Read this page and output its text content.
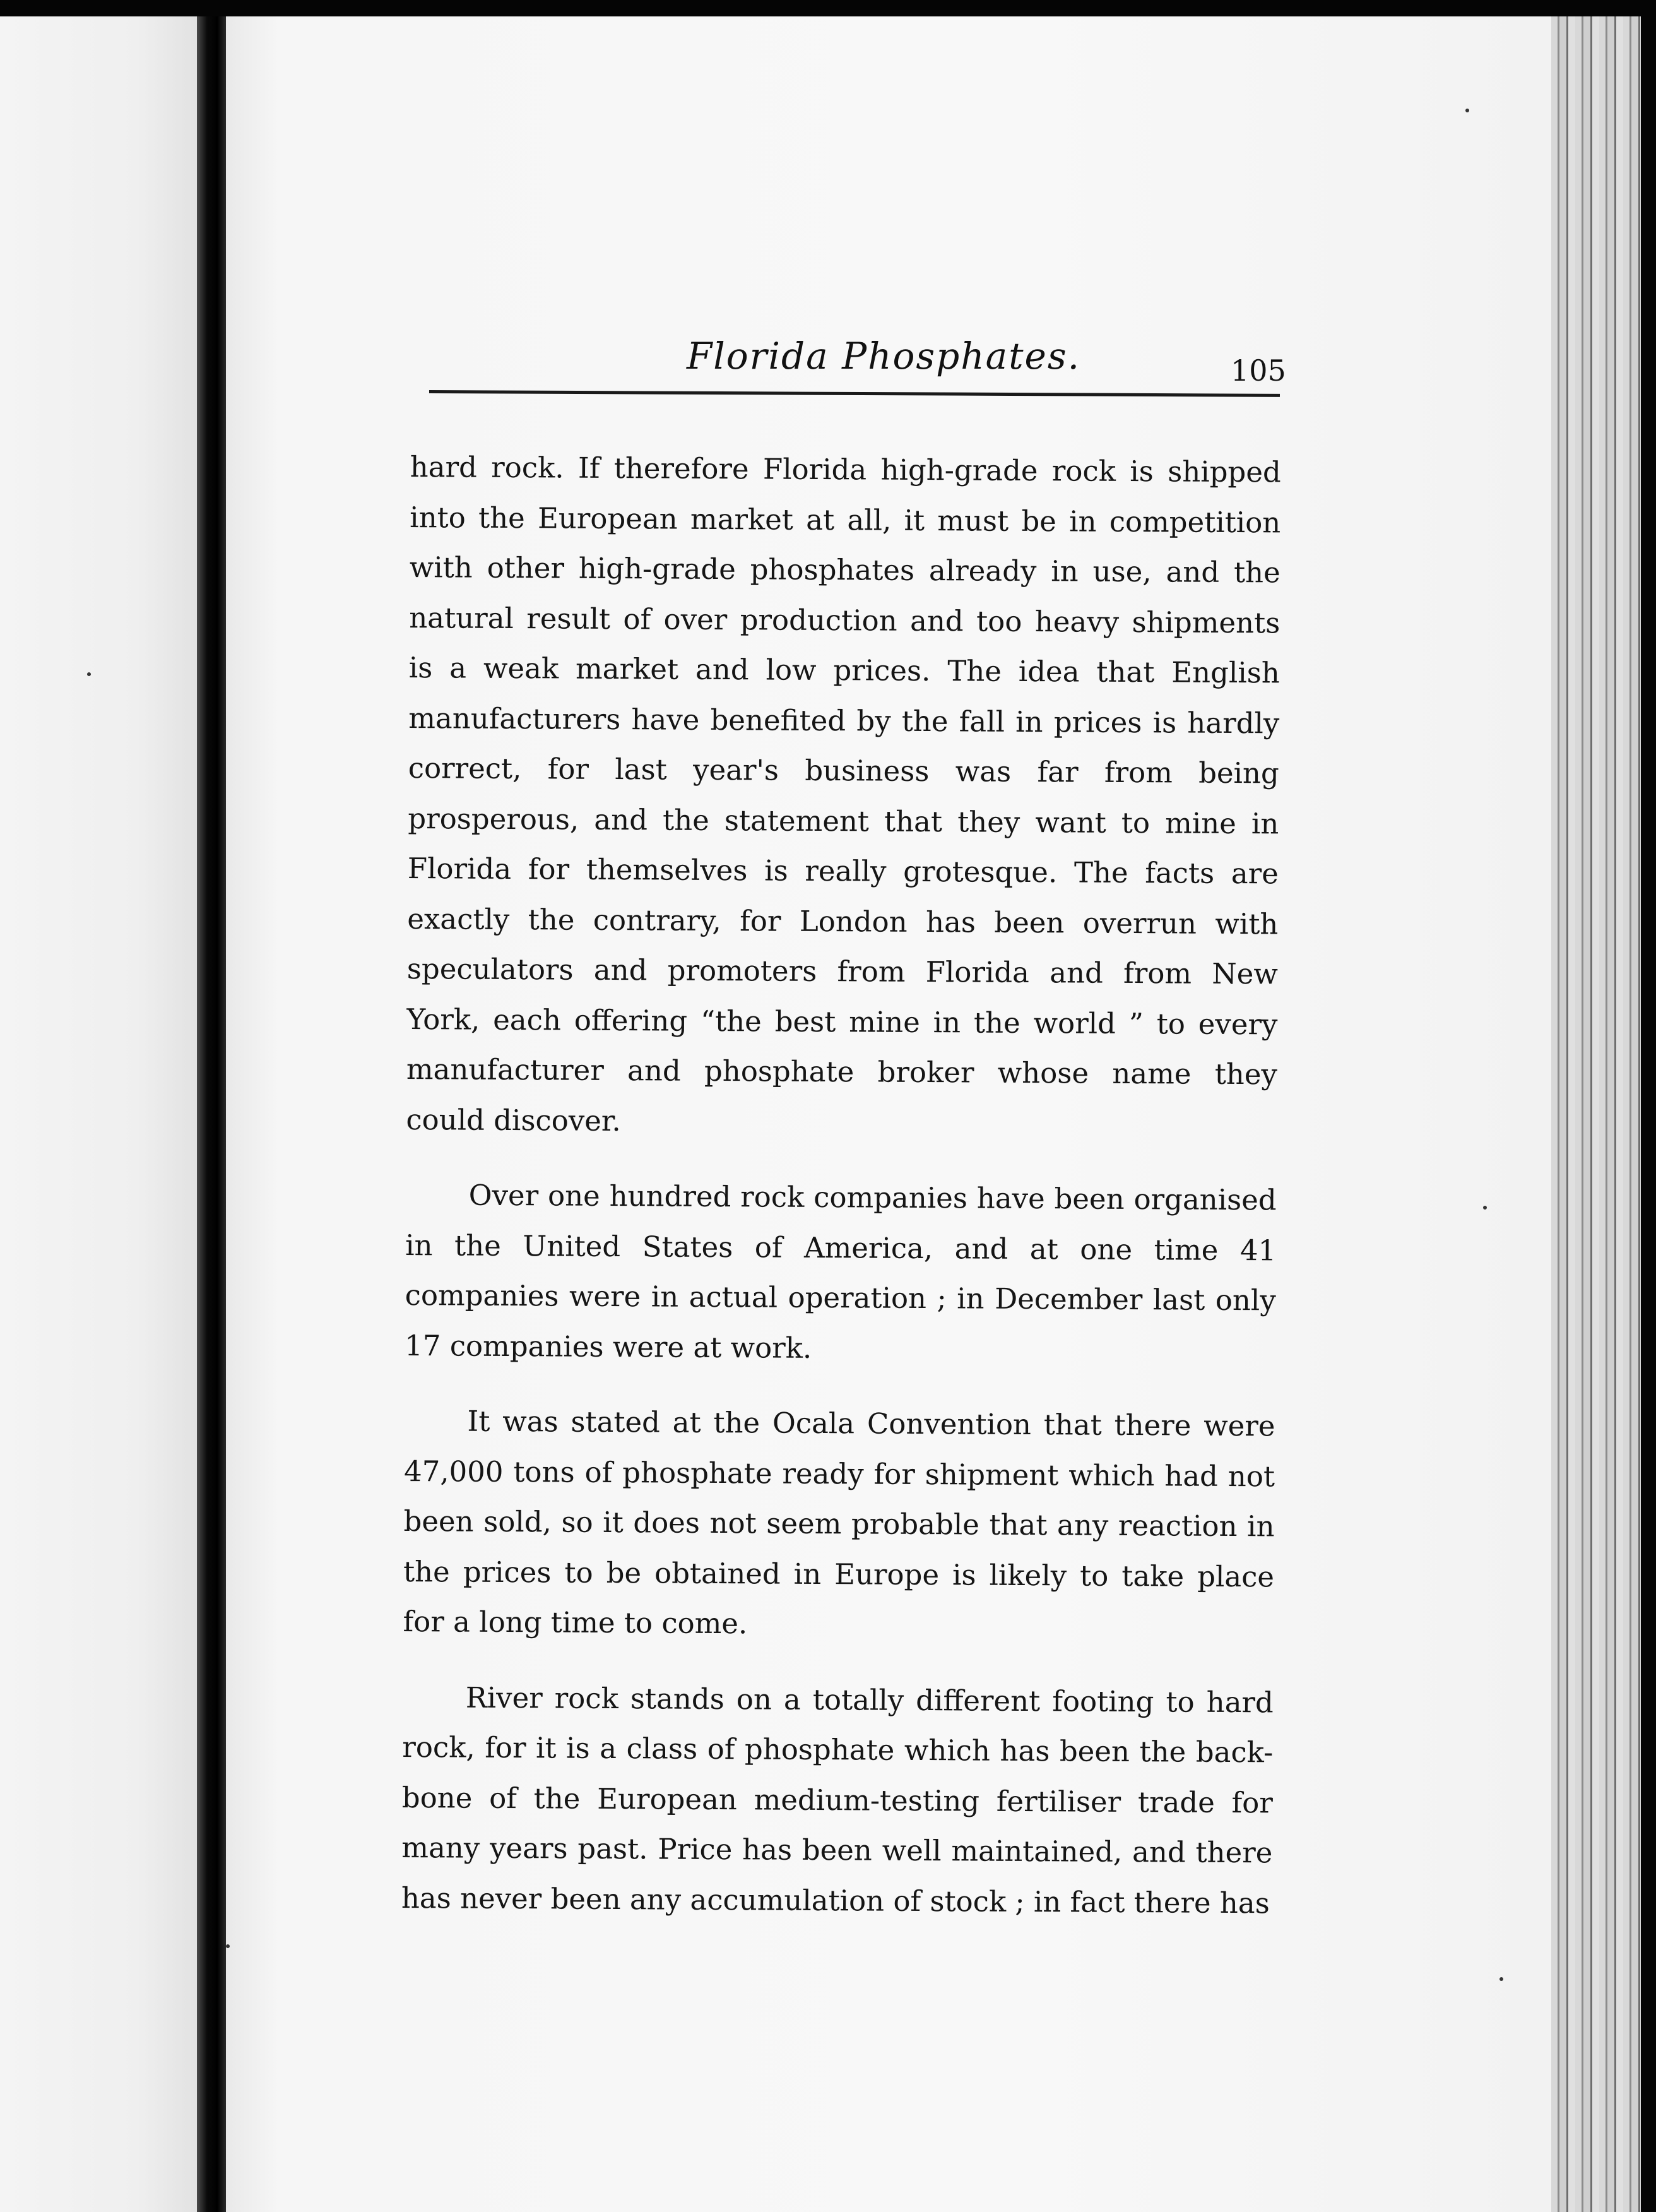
Florida Phosphates.	105

hard rock. If therefore Florida high-grade rock is shipped into the European market at all, it must be in competition with other high-grade phosphates already in use, and the natural result of over production and too heavy shipments is a weak market and low prices. The idea that English manufacturers have benefited by the fall in prices is hardly correct, for last year's business was far from being prosperous, and the statement that they want to mine in Florida for themselves is really grotesque. The facts are exactly the contrary, for London has been overrun with speculators and promoters from Florida and from New York, each offering “the best mine in the world ” to every manufacturer and phosphate broker whose name they could discover.

Over one hundred rock companies have been organised in the United States of America, and at one time 41 companies were in actual operation ; in December last only 17 companies were at work.

It was stated at the Ocala Convention that there were 47,000 tons of phosphate ready for shipment which had not been sold, so it does not seem probable that any reaction in the prices to be obtained in Europe is likely to take place for a long time to come.

River rock stands on a totally different footing to hard rock, for it is a class of phosphate which has been the back-bone of the European medium-testing fertiliser trade for many years past. Price has been well maintained, and there has never been any accumulation of stock ; in fact there has
